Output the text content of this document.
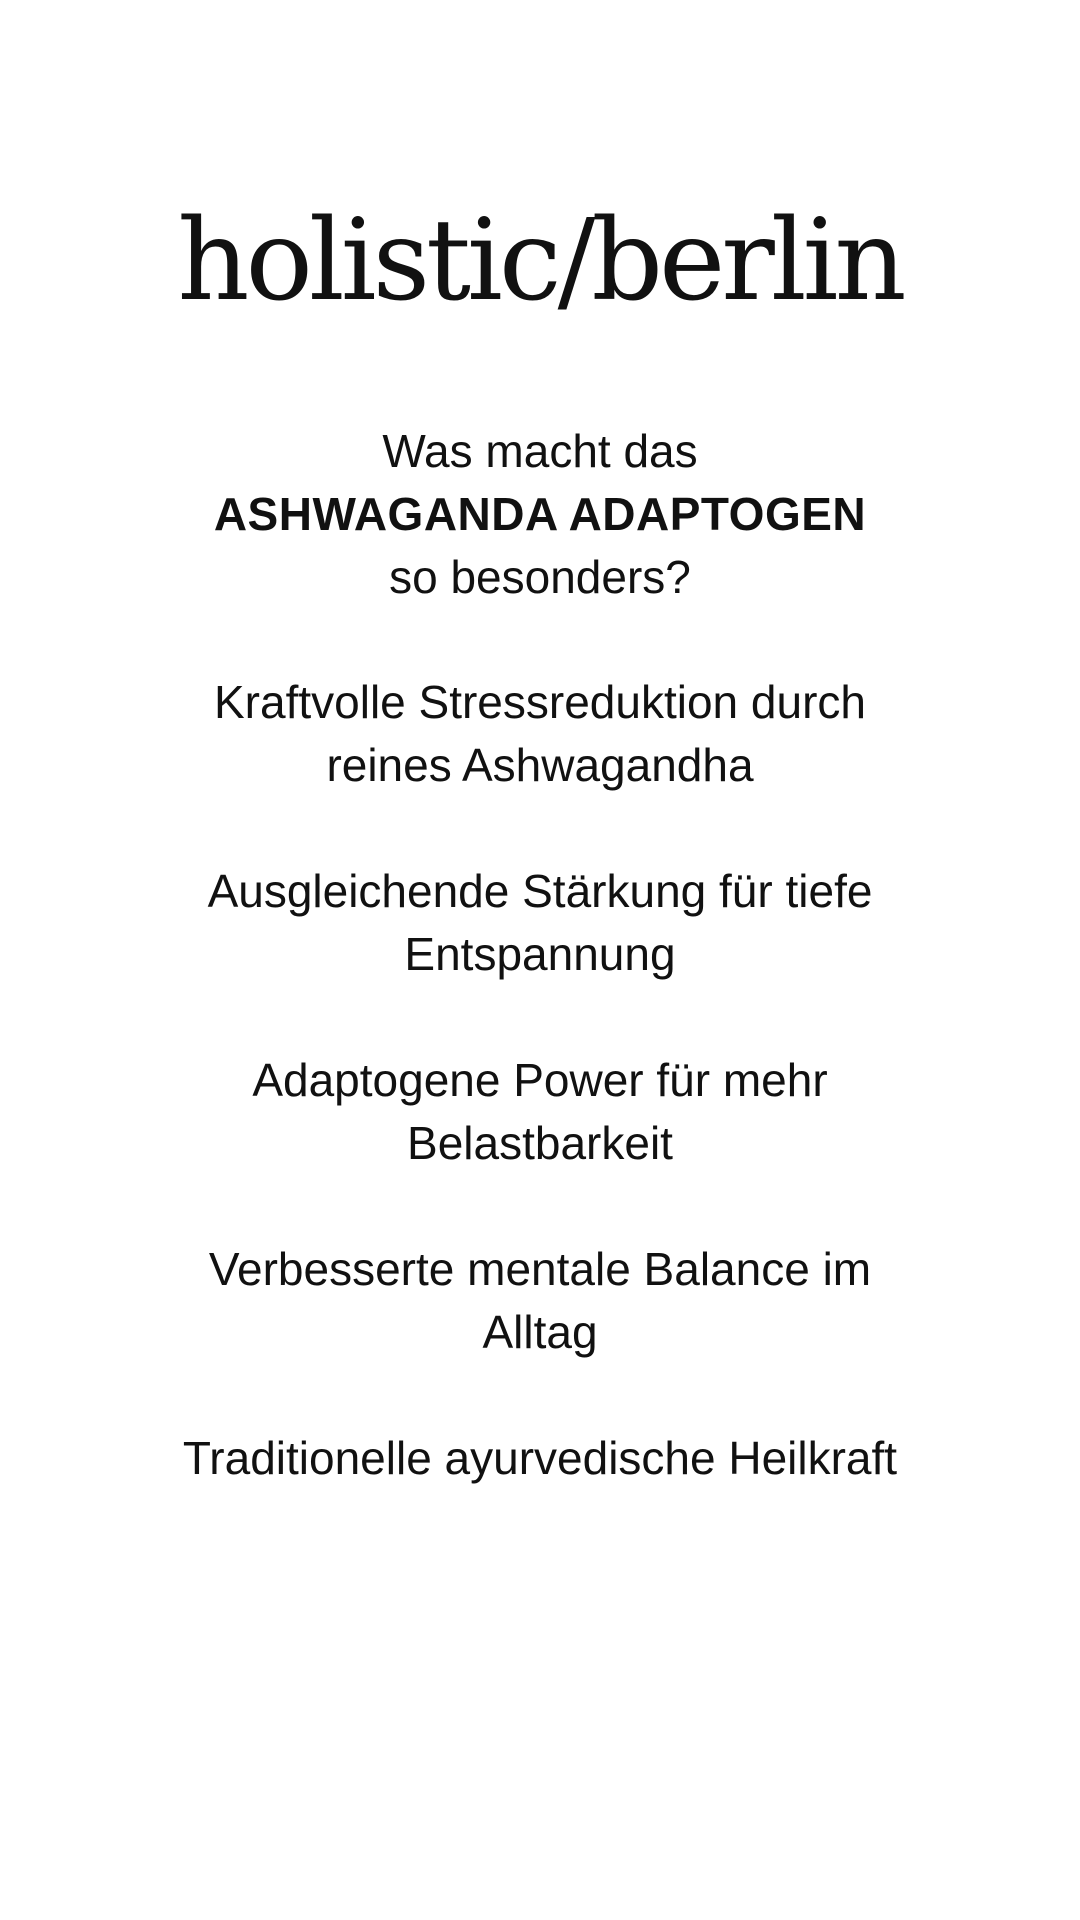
holistic/berlin
Was macht das
ASHWAGANDA ADAPTOGEN
so besonders?
Kraftvolle Stressreduktion durch reines Ashwagandha
Ausgleichende Stärkung für tiefe Entspannung
Adaptogene Power für mehr Belastbarkeit
Verbesserte mentale Balance im Alltag
Traditionelle ayurvedische Heilkraft
